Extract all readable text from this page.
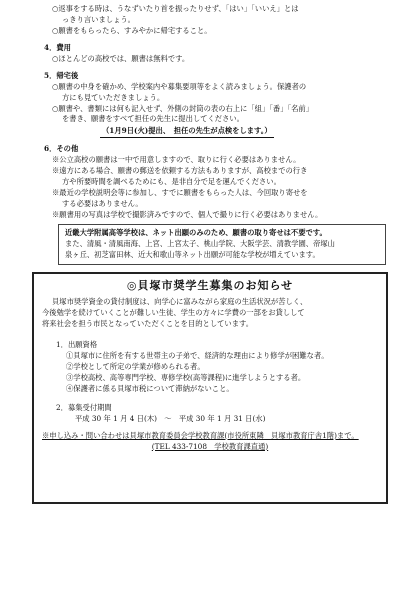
○返事をする時は、うなずいたり首を振ったりせず、「はい」「いいえ」とは
っきり言いましょう。
○願書をもらったら、すみやかに帰宅すること。
4．費用
○ほとんどの高校では、願書は無料です。
5．帰宅後
○願書の中身を確かめ、学校案内や募集要項等をよく読みましょう。保護者の
方にも見ていただきましょう。
○願書や、書類には何も記入せず、外側の封筒の表の右上に「組」「番」「名前」
を書き、願書をすべて担任の先生に提出してください。
（1月9日(火)提出、　担任の先生が点検をします。）
6．その他
※公立高校の願書は一中で用意しますので、取りに行く必要はありません。
※遠方にある場合、願書の郵送を依頼する方法もありますが、高校までの行き
方や所要時間を調べるためにも、是非自分で足を運んでください。
※最近の学校説明会等に参加し、すでに願書をもらった人は、今回取り寄せを
する必要はありません。
※願書用の写真は学校で撮影済みですので、個人で撮りに行く必要はありません。
近畿大学附属高等学校は、ネット出願のみのため、願書の取り寄せは不要です。
また、清風・清風南海、上宮、上宮太子、桃山学院、大阪学芸、清教学園、帝塚山
泉ヶ丘、初芝富田林、近大和歌山等ネット出願が可能な学校が増えています。
◎貝塚市奨学生募集のお知らせ
貝塚市奨学資金の貸付制度は、向学心に富みながら家庭の生活状況が苦しく、
今後勉学を続けていくことが難しい生徒、学生の方々に学費の一部をお貸しして
将来社会を担う市民となっていただくことを目的としています。
1．出願資格
①貝塚市に住所を有する世帯主の子弟で、経済的な理由により修学が困難な者。
②学校として所定の学業が修められる者。
③学校高校、高等専門学校、専修学校(高等課程)に進学しようとする者。
④保護者に係る貝塚市税について滞納がないこと。
2．募集受付期間
平成 30 年 1 月 4 日(木)　～　平成 30 年 1 月 31 日(水)
※申し込み・問い合わせは貝塚市教育委員会学校教育課(市役所東隣　貝塚市教育庁舎1階)まで。
(TEL 433-7108　学校教育課直通)
